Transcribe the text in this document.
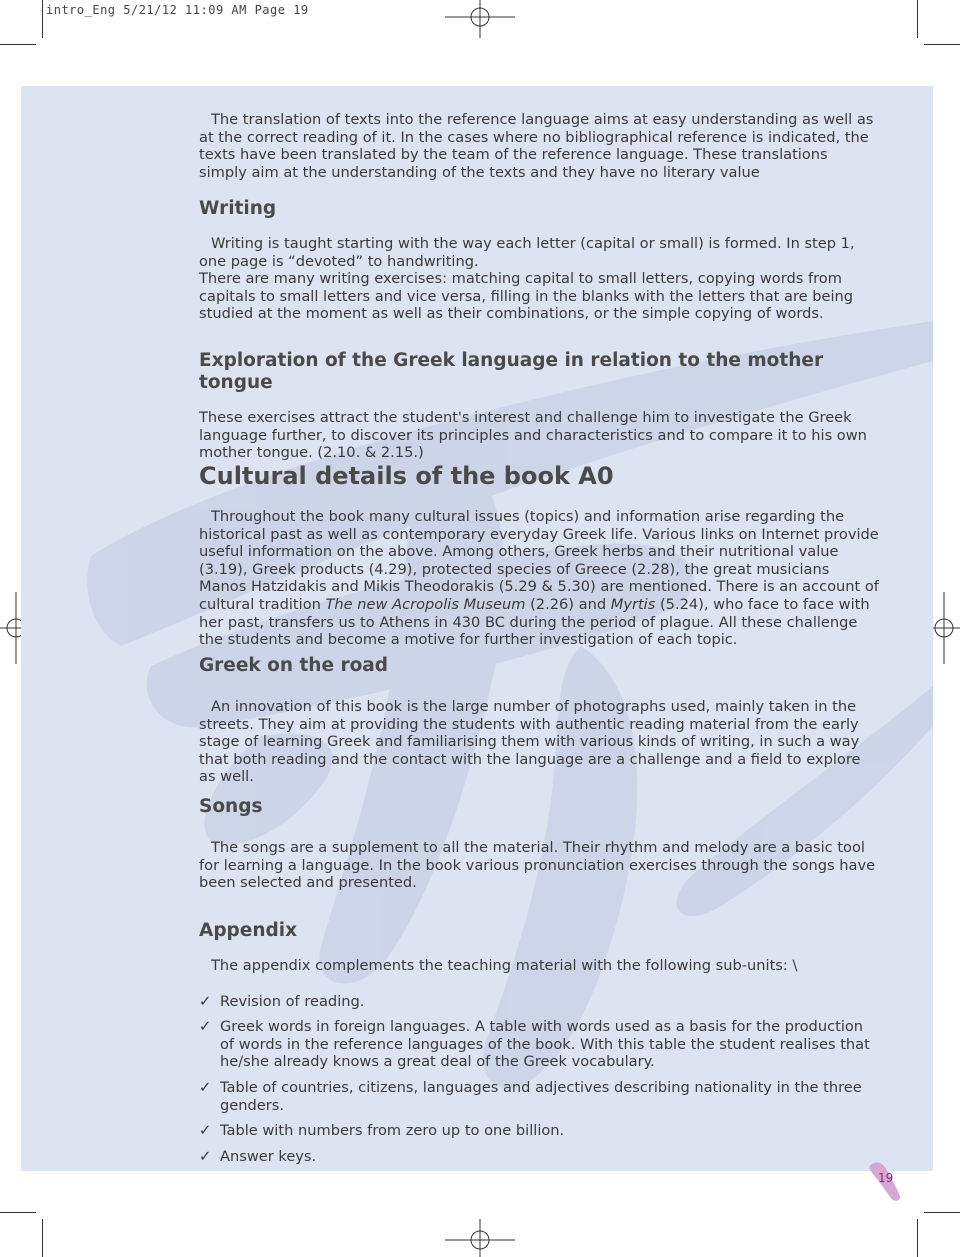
intro_Eng 5/21/12 11:09 AM Page 19

The translation of texts into the reference language aims at easy understanding as well as at the correct reading of it. In the cases where no bibliographical reference is indicated, the texts have been translated by the team of the reference language. These translations simply aim at the understanding of the texts and they have no literary value

Writing

Writing is taught starting with the way each letter (capital or small) is formed. In step 1, one page is “devoted” to handwriting.

There are many writing exercises: matching capital to small letters, copying words from capitals to small letters and vice versa, filling in the blanks with the letters that are being studied at the moment as well as their combinations, or the simple copying of words.

Exploration of the Greek language in relation to the mother tongue

These exercises attract the student's interest and challenge him to investigate the Greek language further, to discover its principles and characteristics and to compare it to his own mother tongue. (2.10. & 2.15.)

Cultural details of the book A0

Throughout the book many cultural issues (topics) and information arise regarding the historical past as well as contemporary everyday Greek life. Various links on Internet provide useful information on the above. Among others, Greek herbs and their nutritional value (3.19), Greek products (4.29), protected species of Greece (2.28), the great musicians Manos Hatzidakis and Mikis Theodorakis (5.29 & 5.30) are mentioned. There is an account of cultural tradition The new Acropolis Museum (2.26) and Myrtis (5.24), who face to face with her past, transfers us to Athens in 430 BC during the period of plague. All these challenge the students and become a motive for further investigation of each topic.

Greek on the road

An innovation of this book is the large number of photographs used, mainly taken in the streets. They aim at providing the students with authentic reading material from the early stage of learning Greek and familiarising them with various kinds of writing, in such a way that both reading and the contact with the language are a challenge and a field to explore as well.

Songs

The songs are a supplement to all the material. Their rhythm and melody are a basic tool for learning a language. In the book various pronunciation exercises through the songs have been selected and presented.

Appendix

The appendix complements the teaching material with the following sub-units: \

✓ Revision of reading.
✓ Greek words in foreign languages. A table with words used as a basis for the production of words in the reference languages of the book. With this table the student realises that he/she already knows a great deal of the Greek vocabulary.
✓ Table of countries, citizens, languages and adjectives describing nationality in the three genders.
✓ Table with numbers from zero up to one billion.
✓ Answer keys.
19
